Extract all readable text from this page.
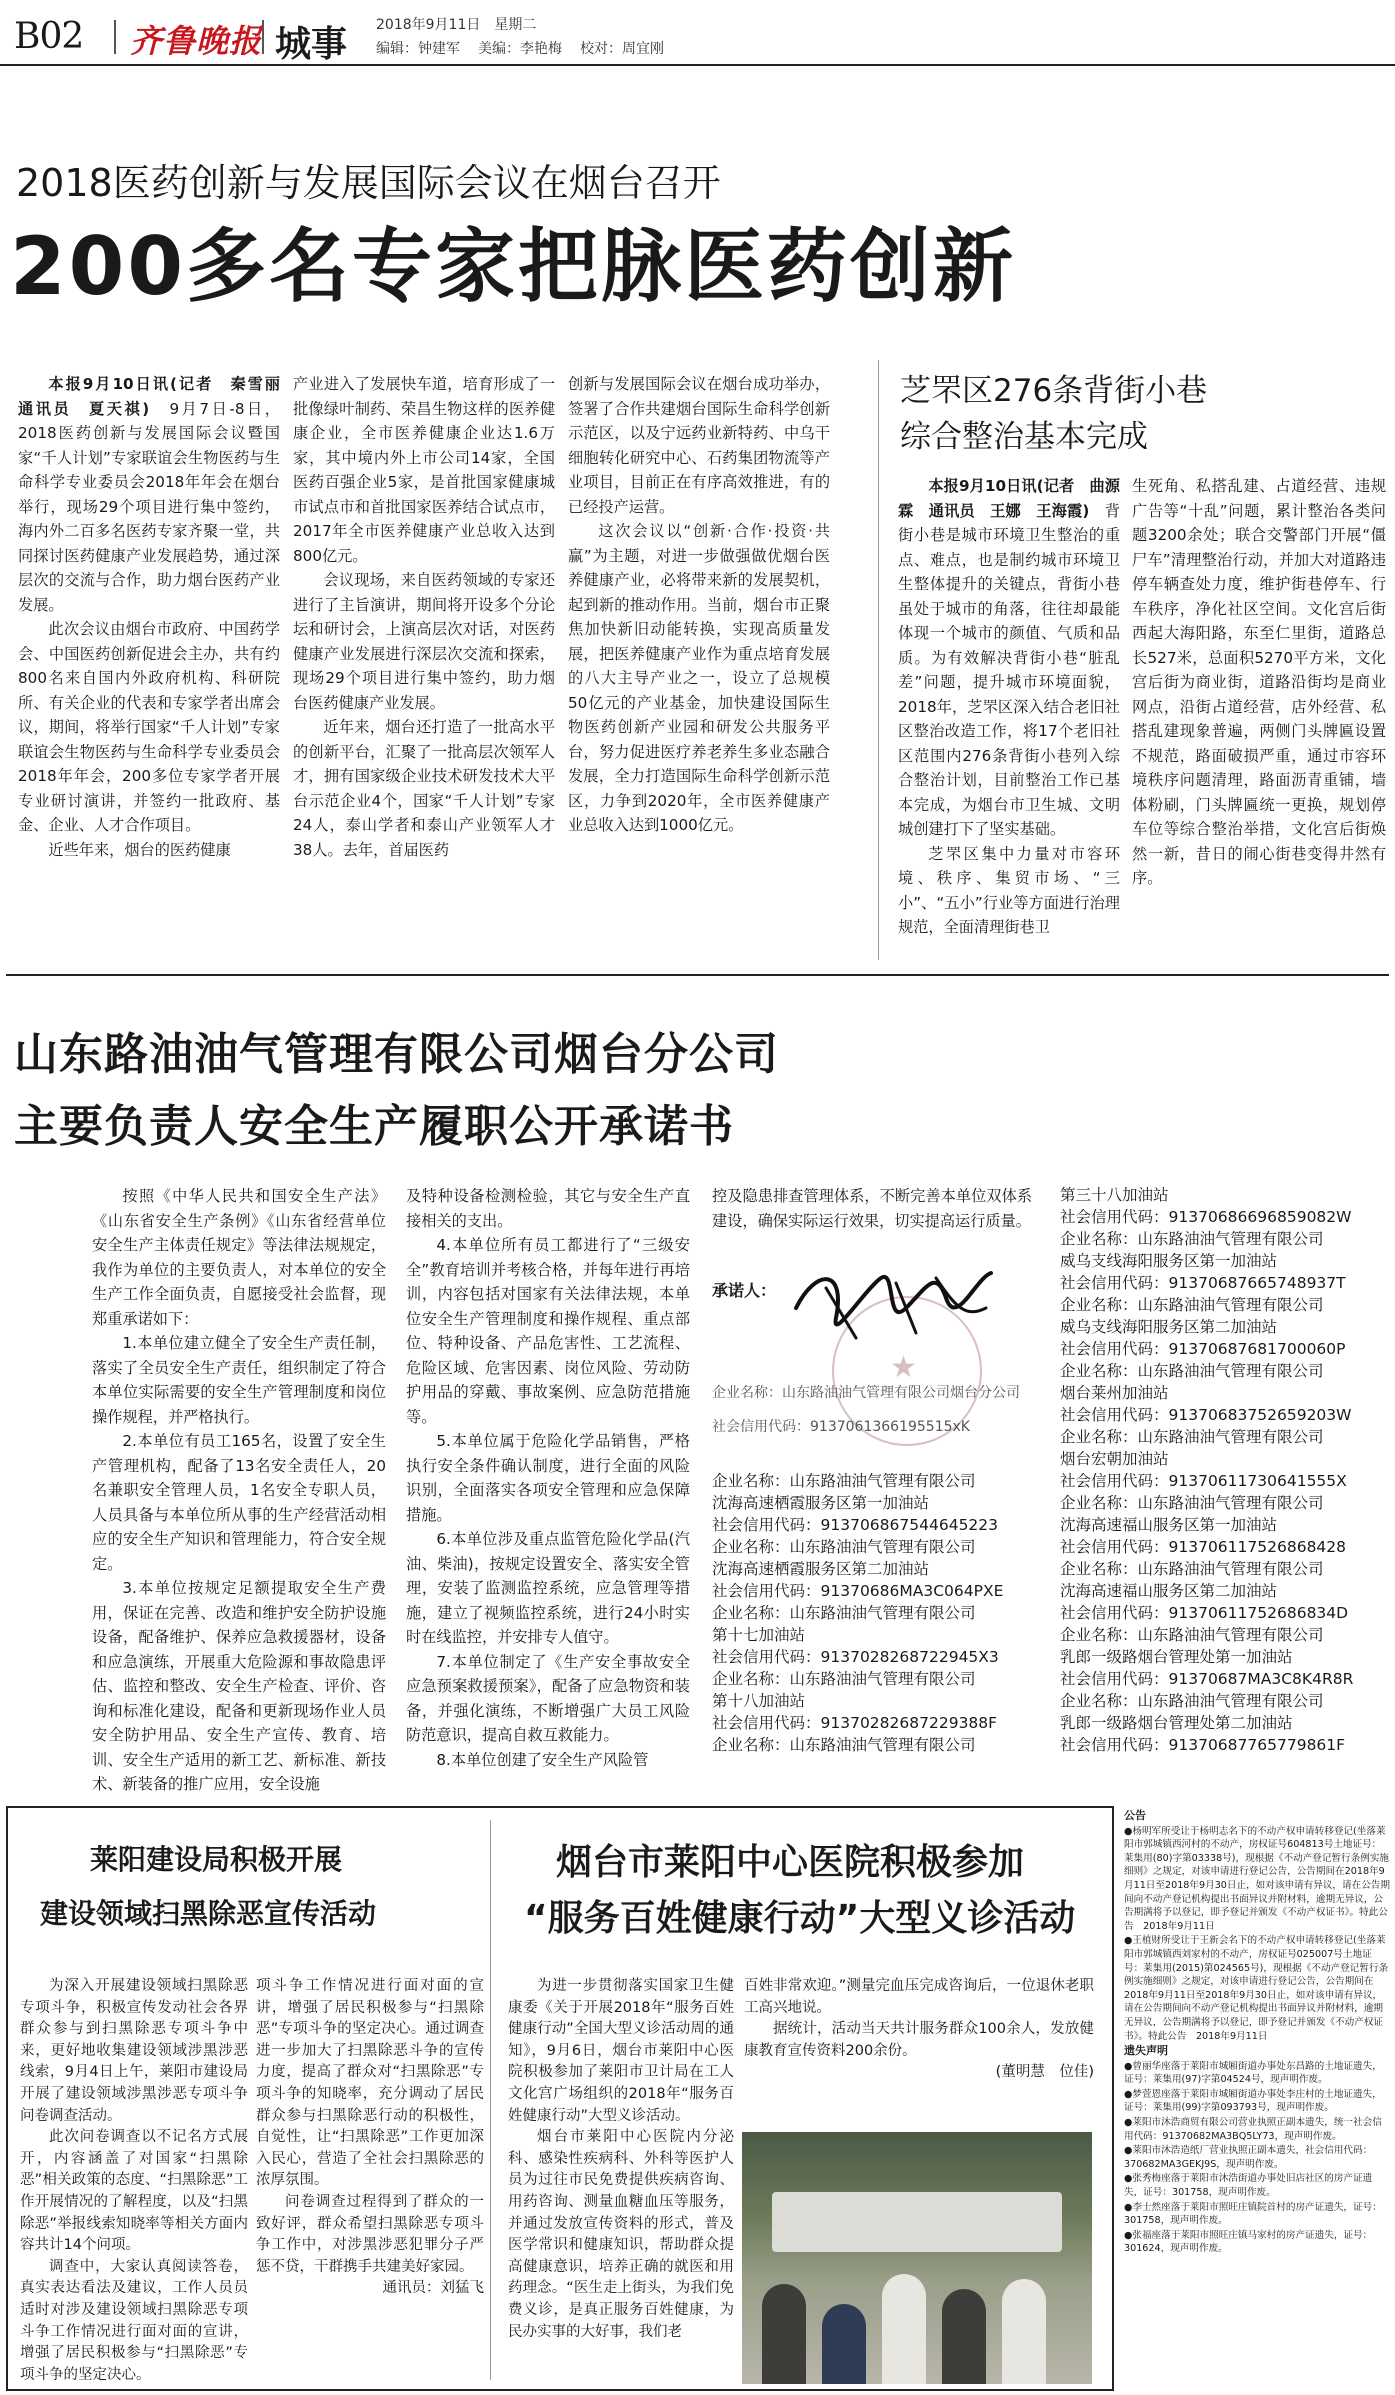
B02 齐鲁晚报 城事 2018年9月11日　 星期二
编辑：钟建军 美编：李艳梅 校对：周宜刚
2018医药创新与发展国际会议在烟台召开
200多名专家把脉医药创新

本报9月10日讯(记者　秦雪丽　通讯员　夏天祺)　9月7日-8日，2018医药创新与发展国际会议暨国家“千人计划”专家联谊会生物医药与生命科学专业委员会2018年年会在烟台举行，现场29个项目进行集中签约，海内外二百多名医药专家齐聚一堂，共同探讨医药健康产业发展趋势，通过深层次的交流与合作，助力烟台医药产业发展。

此次会议由烟台市政府、中国药学会、中国医药创新促进会主办，共有约800名来自国内外政府机构、科研院所、有关企业的代表和专家学者出席会议，期间，将举行国家“千人计划”专家联谊会生物医药与生命科学专业委员会2018年年会，200多位专家学者开展专业研讨演讲，并签约一批政府、基金、企业、人才合作项目。

近些年来，烟台的医药健康

产业进入了发展快车道，培育形成了一批像绿叶制药、荣昌生物这样的医养健康企业，全市医养健康企业达1.6万家，其中境内外上市公司14家，全国医药百强企业5家，是首批国家健康城市试点市和首批国家医养结合试点市，2017年全市医养健康产业总收入达到800亿元。

会议现场，来自医药领域的专家还进行了主旨演讲，期间将开设多个分论坛和研讨会，上演高层次对话，对医药健康产业发展进行深层次交流和探索，现场29个项目进行集中签约，助力烟台医药健康产业发展。

近年来，烟台还打造了一批高水平的创新平台，汇聚了一批高层次领军人才，拥有国家级企业技术研发技术大平台示范企业4个，国家“千人计划”专家24人，泰山学者和泰山产业领军人才38人。去年，首届医药

创新与发展国际会议在烟台成功举办，签署了合作共建烟台国际生命科学创新示范区，以及宁远药业新特药、中乌干细胞转化研究中心、石药集团物流等产业项目，目前正在有序高效推进，有的已经投产运营。

这次会议以“创新·合作·投资·共赢”为主题，对进一步做强做优烟台医养健康产业，必将带来新的发展契机，起到新的推动作用。当前，烟台市正聚焦加快新旧动能转换，实现高质量发展，把医养健康产业作为重点培育发展的八大主导产业之一，设立了总规模50亿元的产业基金，加快建设国际生物医药创新产业园和研发公共服务平台，努力促进医疗养老养生多业态融合发展，全力打造国际生命科学创新示范区，力争到2020年，全市医养健康产业总收入达到1000亿元。

芝罘区276条背街小巷
综合整治基本完成

本报9月10日讯(记者　曲源霖　通讯员　王娜　王海霞)　背街小巷是城市环境卫生整治的重点、难点，也是制约城市环境卫生整体提升的关键点，背街小巷虽处于城市的角落，往往却最能体现一个城市的颜值、气质和品质。为有效解决背街小巷“脏乱差”问题，提升城市环境面貌，2018年，芝罘区深入结合老旧社区整治改造工作，将17个老旧社区范围内276条背街小巷列入综合整治计划，目前整治工作已基本完成，为烟台市卫生城、文明城创建打下了坚实基础。

芝罘区集中力量对市容环境、秩序、集贸市场、“三小”、“五小”行业等方面进行治理规范，全面清理街巷卫

生死角、私搭乱建、占道经营、违规广告等“十乱”问题，累计整治各类问题3200余处；联合交警部门开展“僵尸车”清理整治行动，并加大对道路违停车辆查处力度，维护街巷停车、行车秩序，净化社区空间。文化宫后街西起大海阳路，东至仁里街，道路总长527米，总面积5270平方米，文化宫后街为商业街，道路沿街均是商业网点，沿街占道经营，店外经营、私搭乱建现象普遍，两侧门头牌匾设置不规范，路面破损严重，通过市容环境秩序问题清理，路面沥青重铺，墙体粉刷，门头牌匾统一更换，规划停车位等综合整治举措，文化宫后街焕然一新，昔日的闹心街巷变得井然有序。

山东路油油气管理有限公司烟台分公司
主要负责人安全生产履职公开承诺书

按照《中华人民共和国安全生产法》《山东省安全生产条例》《山东省经营单位安全生产主体责任规定》等法律法规规定，我作为单位的主要负责人，对本单位的安全生产工作全面负责，自愿接受社会监督，现郑重承诺如下：

1.本单位建立健全了安全生产责任制，落实了全员安全生产责任，组织制定了符合本单位实际需要的安全生产管理制度和岗位操作规程，并严格执行。

2.本单位有员工165名，设置了安全生产管理机构，配备了13名安全责任人，20名兼职安全管理人员，1名安全专职人员，人员具备与本单位所从事的生产经营活动相应的安全生产知识和管理能力，符合安全规定。

3.本单位按规定足额提取安全生产费用，保证在完善、改造和维护安全防护设施设备，配备维护、保养应急救援器材，设备和应急演练，开展重大危险源和事故隐患评估、监控和整改、安全生产检查、评价、咨询和标准化建设，配备和更新现场作业人员安全防护用品、安全生产宣传、教育、培训、安全生产适用的新工艺、新标准、新技术、新装备的推广应用，安全设施

及特种设备检测检验，其它与安全生产直接相关的支出。

4.本单位所有员工都进行了“三级安全”教育培训并考核合格，并每年进行再培训，内容包括对国家有关法律法规，本单位安全生产管理制度和操作规程、重点部位、特种设备、产品危害性、工艺流程、危险区域、危害因素、岗位风险、劳动防护用品的穿戴、事故案例、应急防范措施等。

5.本单位属于危险化学品销售，严格执行安全条件确认制度，进行全面的风险识别，全面落实各项安全管理和应急保障措施。

6.本单位涉及重点监管危险化学品(汽油、柴油)，按规定设置安全、落实安全管理，安装了监测监控系统，应急管理等措施，建立了视频监控系统，进行24小时实时在线监控，并安排专人值守。

7.本单位制定了《生产安全事故安全应急预案救援预案》，配备了应急物资和装备，并强化演练，不断增强广大员工风险防范意识，提高自救互救能力。

8.本单位创建了安全生产风险管

控及隐患排查管理体系，不断完善本单位双体系建设，确保实际运行效果，切实提高运行质量。

★
承诺人：
企业名称：山东路油油气管理有限公司烟台分公司
社会信用代码：913706136619551​5xK
企业名称：山东路油油气管理有限公司
沈海高速栖霞服务区第一加油站
社会信用代码：91370686754464522​3
企业名称：山东路油油气管理有限公司
沈海高速栖霞服务区第二加油站
社会信用代码：9137068​6MA3C064PXE
企业名称：山东路油油气管理有限公司
第十七加油站
社会信用代码：91370282687229​45X3
企业名称：山东路油油气管理有限公司
第十八加油站
社会信用代码：913702826872293​88F
企业名称：山东路油油气管理有限公司
第三十八加油站
社会信用代码：913706866968590​82W
企业名称：山东路油油气管理有限公司
威乌支线海阳服务区第一加油站
社会信用代码：91370687665748937T
企业名称：山东路油油气管理有限公司
威乌支线海阳服务区第二加油站
社会信用代码：91370687681700060P
企业名称：山东路油油气管理有限公司
烟台莱州加油站
社会信用代码：91370683752659203W
企业名称：山东路油油气管理有限公司
烟台宏朝加油站
社会信用代码：91370611730641555X
企业名称：山东路油油气管理有限公司
沈海高速福山服务区第一加油站
社会信用代码：91370611752686842​8
企业名称：山东路油油气管理有限公司
沈海高速福山服务区第二加油站
社会信用代码：91370611752686834D
企业名称：山东路油油气管理有限公司
乳郎一级路烟台管理处第一加油站
社会信用代码：9137068​7MA3C8K4R8R
企业名称：山东路油油气管理有限公司
乳郎一级路烟台管理处第二加油站
社会信用代码：91370687765779861F
莱阳建设局积极开展
建设领域扫黑除恶宣传活动

为深入开展建设领域扫黑除恶专项斗争，积极宣传发动社会各界群众参与到扫黑除恶专项斗争中来，更好地收集建设领域涉黑涉恶线索，9月4日上午，莱阳市建设局开展了建设领域涉黑涉恶专项斗争问卷调查活动。

此次问卷调查以不记名方式展开，内容涵盖了对国家“扫黑除恶”相关政策的态度、“扫黑除恶”工作开展情况的了解程度，以及“扫黑除恶”举报线索知晓率等相关方面内容共计14个问项。

调查中，大家认真阅读答卷，真实表达看法及建议，工作人员员适时对涉及建设领域扫黑除恶专项斗争工作情况进行面对面的宣讲，增强了居民积极参与“扫黑除恶”专项斗争的坚定决心。

项斗争工作情况进行面对面的宣讲，增强了居民积极参与“扫黑除恶”专项斗争的坚定决心。通过调查进一步加大了扫黑除恶斗争的宣传力度，提高了群众对“扫黑除恶”专项斗争的知晓率，充分调动了居民群众参与扫黑除恶行动的积极性，自觉性，让“扫黑除恶”工作更加深入民心，营造了全社会扫黑除恶的浓厚氛围。

问卷调查过程得到了群众的一致好评，群众希望扫黑除恶专项斗争工作中，对涉黑涉恶犯罪分子严惩不贷，干群携手共建美好家园。

通讯员：刘猛飞

烟台市莱阳中心医院积极参加
“服务百姓健康行动”大型义诊活动

为进一步贯彻落实国家卫生健康委《关于开展2018年“服务百姓健康行动”全国大型义诊活动周的通知》，9月6日，烟台市莱阳中心医院积极参加了莱阳市卫计局在工人文化宫广场组织的2018年“服务百姓健康行动”大型义诊活动。

烟台市莱阳中心医院内分泌科、感染性疾病科、外科等医护人员为过往市民免费提供疾病咨询、用药咨询、测量血糖血压等服务，并通过发放宣传资料的形式，普及医学常识和健康知识，帮助群众提高健康意识，培养正确的就医和用药理念。“医生走上街头，为我们免费义诊，是真正服务百姓健康，为民办实事的大好事，我们老

百姓非常欢迎。”测量完血压完成咨询后，一位退休老职工高兴地说。

据统计，活动当天共计服务群众100余人，发放健康教育宣传资料200余份。

(董明慧　位佳)

公告

●杨明军所受让于杨明志名下的不动产权申请转移登记(坐落莱阳市郭城镇西河村的不动产，房权证号604813号土地证号：莱集用(80)字第03338号)，现根据《不动产登记暂行条例实施细则》之规定，对该申请进行登记公告，公告期间在2018年9月11日至2018年9月30日止，如对该申请有异议，请在公告期间向不动产登记机构提出书面异议并附材料，逾期无异议，公告期满将予以登记，即予登记并颁发《不动产权证书》。特此公告　2018年9月11日

●王植财所受让于王新会名下的不动产权申请转移登记(坐落莱阳市郭城镇西刘家村的不动产，房权证号025007号土地证号：莱集用(2015)第024565号)，现根据《不动产登记暂行条例实施细则》之规定，对该申请进行登记公告，公告期间在2018年9月11日至2018年9月30日止，如对该申请有异议，请在公告期间向不动产登记机构提出书面异议并附材料，逾期无异议，公告期满将予以登记，即予登记并颁发《不动产权证书》。特此公告　2018年9月11日

遗失声明

●曾丽华座落于莱阳市城厢街道办事处东昌路的土地证遗失，证号：莱集用(97)字第04524号，现声明作废。

●梦萱恩座落于莱阳市城厢街道办事处李庄村的土地证遗失，证号：莱集用(99)字第093793号，现声明作废。

●莱阳市沐浩商贸有限公司营业执照正副本遗失，统一社会信用代码：91370682MA3BQ5LY73，现声明作废。

●莱阳市沐浩造纸厂营业执照正副本遗失，社会信用代码：370682MA3GEKJ9S，现声明作废。

●张秀梅座落于莱阳市沐浩街道办事处旧店社区的房产证遗失，证号：301758，现声明作废。

●李士然座落于莱阳市照旺庄镇院首村的房产证遗失，证号：301758，现声明作废。

●张福座落于莱阳市照旺庄镇马家村的房产证遗失，证号：301624，现声明作废。
